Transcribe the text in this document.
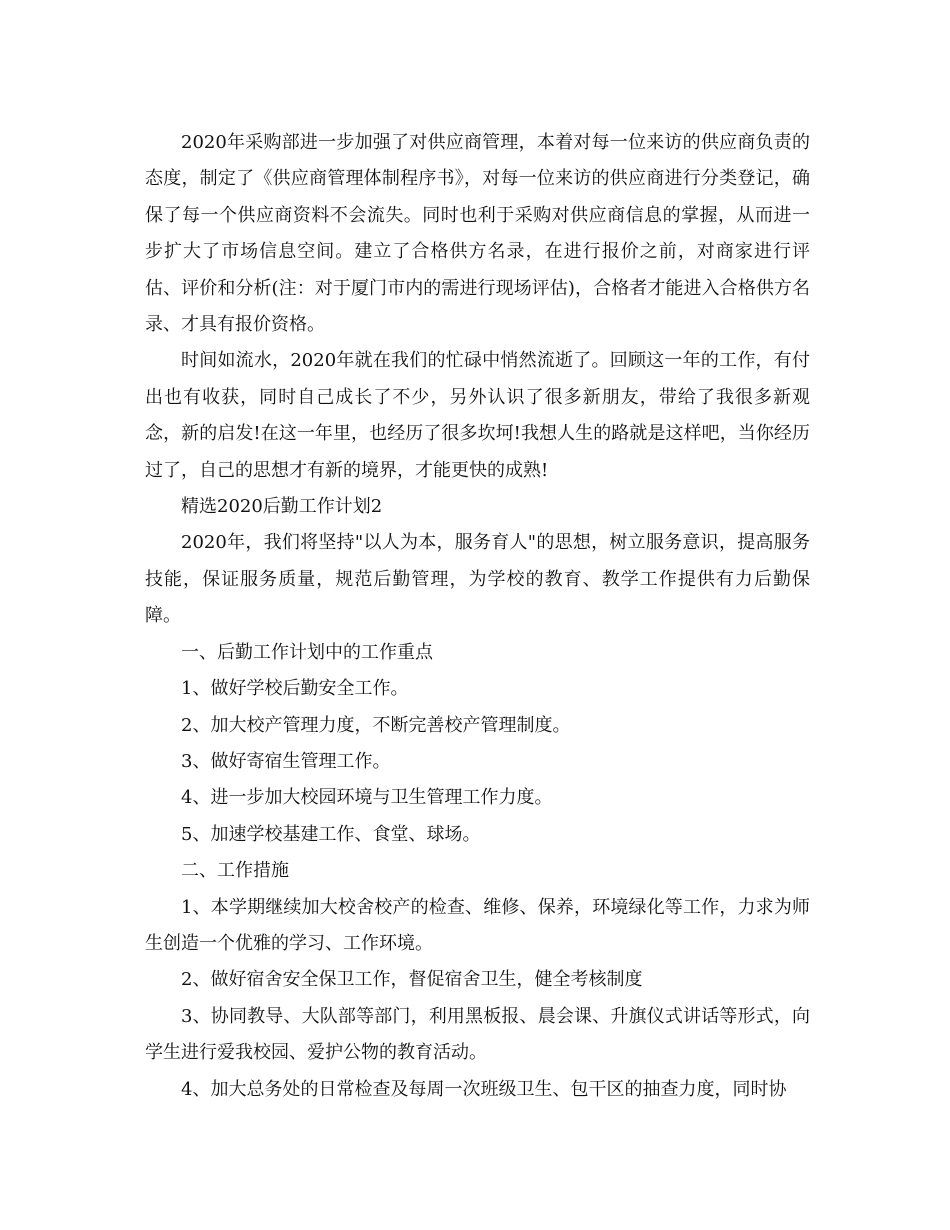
2020年采购部进一步加强了对供应商管理，本着对每一位来访的供应商负责的态度，制定了《供应商管理体制程序书》，对每一位来访的供应商进行分类登记，确保了每一个供应商资料不会流失。同时也利于采购对供应商信息的掌握，从而进一步扩大了市场信息空间。建立了合格供方名录，在进行报价之前，对商家进行评估、评价和分析(注：对于厦门市内的需进行现场评估)，合格者才能进入合格供方名录、才具有报价资格。

时间如流水，2020年就在我们的忙碌中悄然流逝了。回顾这一年的工作，有付出也有收获，同时自己成长了不少，另外认识了很多新朋友，带给了我很多新观念，新的启发!在这一年里，也经历了很多坎坷!我想人生的路就是这样吧，当你经历过了，自己的思想才有新的境界，才能更快的成熟!

精选2020后勤工作计划2

2020年，我们将坚持"以人为本，服务育人"的思想，树立服务意识，提高服务技能，保证服务质量，规范后勤管理，为学校的教育、教学工作提供有力后勤保障。

一、后勤工作计划中的工作重点

1、做好学校后勤安全工作。

2、加大校产管理力度，不断完善校产管理制度。

3、做好寄宿生管理工作。

4、进一步加大校园环境与卫生管理工作力度。

5、加速学校基建工作、食堂、球场。

二、工作措施

1、本学期继续加大校舍校产的检查、维修、保养，环境绿化等工作，力求为师生创造一个优雅的学习、工作环境。

2、做好宿舍安全保卫工作，督促宿舍卫生，健全考核制度

3、协同教导、大队部等部门，利用黑板报、晨会课、升旗仪式讲话等形式，向学生进行爱我校园、爱护公物的教育活动。

4、加大总务处的日常检查及每周一次班级卫生、包干区的抽查力度，同时协
